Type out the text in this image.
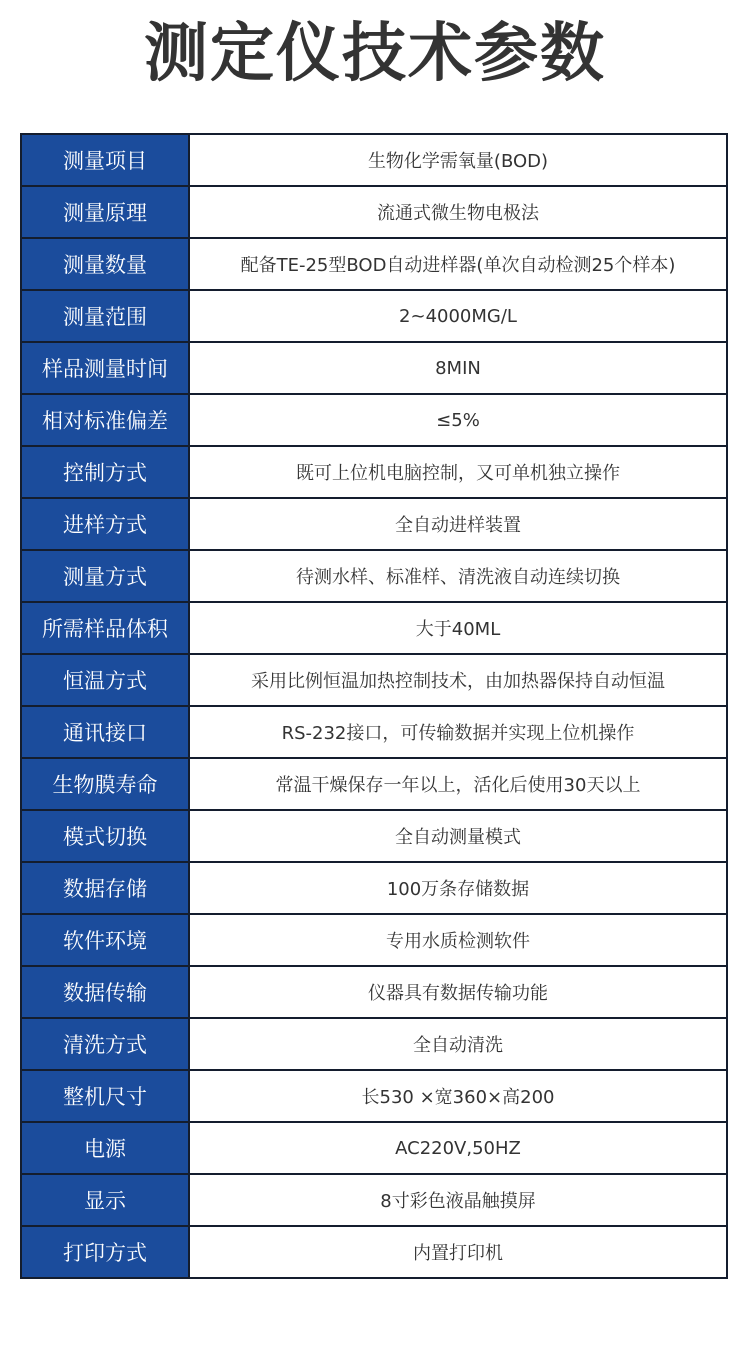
测定仪技术参数
测量项目	生物化学需氧量(BOD)
测量原理	流通式微生物电极法
测量数量	配备TE-25型BOD自动进样器(单次自动检测25个样本)
测量范围	2~4000MG/L
样品测量时间	8MIN
相对标准偏差	≤5%
控制方式	既可上位机电脑控制，又可单机独立操作
进样方式	全自动进样装置
测量方式	待测水样、标准样、清洗液自动连续切换
所需样品体积	大于40ML
恒温方式	采用比例恒温加热控制技术，由加热器保持自动恒温
通讯接口	RS-232接口，可传输数据并实现上位机操作
生物膜寿命	常温干燥保存一年以上，活化后使用30天以上
模式切换	全自动测量模式
数据存储	100万条存储数据
软件环境	专用水质检测软件
数据传输	仪器具有数据传输功能
清洗方式	全自动清洗
整机尺寸	长530 ×宽360×高200
电源	AC220V,50HZ
显示	8寸彩色液晶触摸屏
打印方式	内置打印机
